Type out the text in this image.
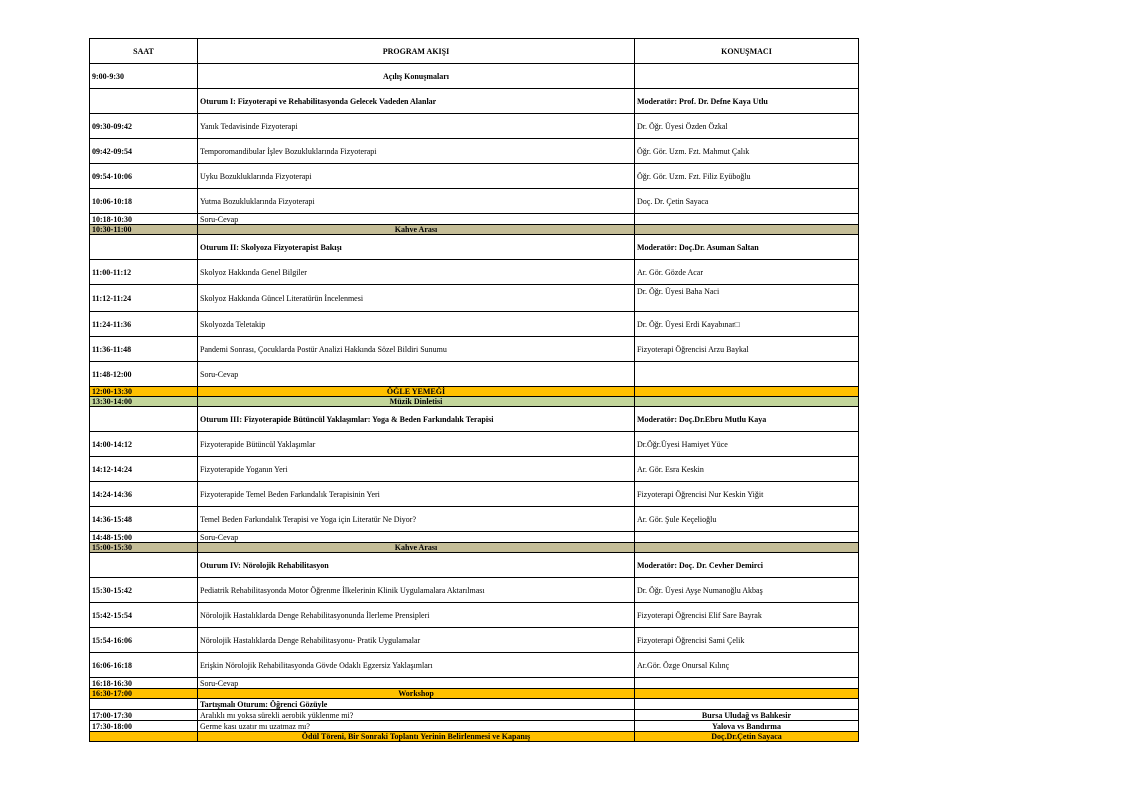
SAAT	PROGRAM AKIŞI	KONUŞMACI
9:00-9:30	Açılış Konuşmaları	
	Oturum I: Fizyoterapi ve Rehabilitasyonda Gelecek Vadeden Alanlar	Moderatör: Prof. Dr. Defne Kaya Utlu
09:30-09:42	Yanık Tedavisinde Fizyoterapi	Dr. Öğr. Üyesi Özden Özkal
09:42-09:54	Temporomandibular İşlev Bozukluklarında Fizyoterapi	Öğr. Gör. Uzm. Fzt. Mahmut Çalık
09:54-10:06	Uyku Bozukluklarında Fizyoterapi	Öğr. Gör. Uzm. Fzt. Filiz Eyüboğlu
10:06-10:18	Yutma Bozukluklarında Fizyoterapi	Doç. Dr. Çetin Sayaca
10:18-10:30	Soru-Cevap	
10:30-11:00	Kahve Arası	
	Oturum II: Skolyoza Fizyoterapist Bakışı	Moderatör: Doç.Dr. Asuman Saltan
11:00-11:12	Skolyoz Hakkında Genel Bilgiler	Ar. Gör. Gözde Acar
11:12-11:24	Skolyoz Hakkında Güncel Literatürün İncelenmesi	Dr. Öğr. Üyesi Baha Naci
11:24-11:36	Skolyozda Teletakip	Dr. Öğr. Üyesi Erdi Kayabınar□
11:36-11:48	Pandemi Sonrası, Çocuklarda Postür Analizi Hakkında Sözel Bildiri Sunumu	Fizyoterapi Öğrencisi Arzu Baykal
11:48-12:00	Soru-Cevap	
12:00-13:30	ÖĞLE YEMEĞİ	
13:30-14:00	Müzik Dinletisi	
	Oturum III: Fizyoterapide Bütüncül Yaklaşımlar: Yoga & Beden Farkındalık Terapisi	Moderatör: Doç.Dr.Ebru Mutlu Kaya
14:00-14:12	Fizyoterapide Bütüncül Yaklaşımlar	Dr.Öğr.Üyesi Hamiyet Yüce
14:12-14:24	Fizyoterapide Yoganın Yeri	Ar. Gör. Esra Keskin
14:24-14:36	Fizyoterapide Temel Beden Farkındalık Terapisinin Yeri	Fizyoterapi Öğrencisi Nur Keskin Yiğit
14:36-15:48	Temel Beden Farkındalık Terapisi ve Yoga için Literatür Ne Diyor?	Ar. Gör. Şule Keçelioğlu
14:48-15:00	Soru-Cevap	
15:00-15:30	Kahve Arası	
	Oturum IV: Nörolojik Rehabilitasyon	Moderatör: Doç. Dr. Cevher Demirci
15:30-15:42	Pediatrik Rehabilitasyonda Motor Öğrenme İlkelerinin Klinik Uygulamalara Aktarılması	Dr. Öğr. Üyesi Ayşe Numanoğlu Akbaş
15:42-15:54	Nörolojik Hastalıklarda Denge Rehabilitasyonunda İlerleme Prensipleri	Fizyoterapi Öğrencisi Elif Sare Bayrak
15:54-16:06	Nörolojik Hastalıklarda Denge Rehabilitasyonu- Pratik Uygulamalar	Fizyoterapi Öğrencisi Sami Çelik
16:06-16:18	Erişkin Nörolojik Rehabilitasyonda Gövde Odaklı Egzersiz Yaklaşımları	Ar.Gör. Özge Onursal Kılınç
16:18-16:30	Soru-Cevap	
16:30-17:00	Workshop	
	Tartışmalı Oturum: Öğrenci Gözüyle	
17:00-17:30	Aralıklı mı yoksa sürekli aerobik yüklenme mi?	Bursa Uludağ vs Balıkesir
17:30-18:00	Germe kası uzatır mı uzatmaz mı?	Yalova vs Bandırma
	Ödül Töreni, Bir Sonraki Toplantı Yerinin Belirlenmesi ve Kapanış	Doç.Dr.Çetin Sayaca
